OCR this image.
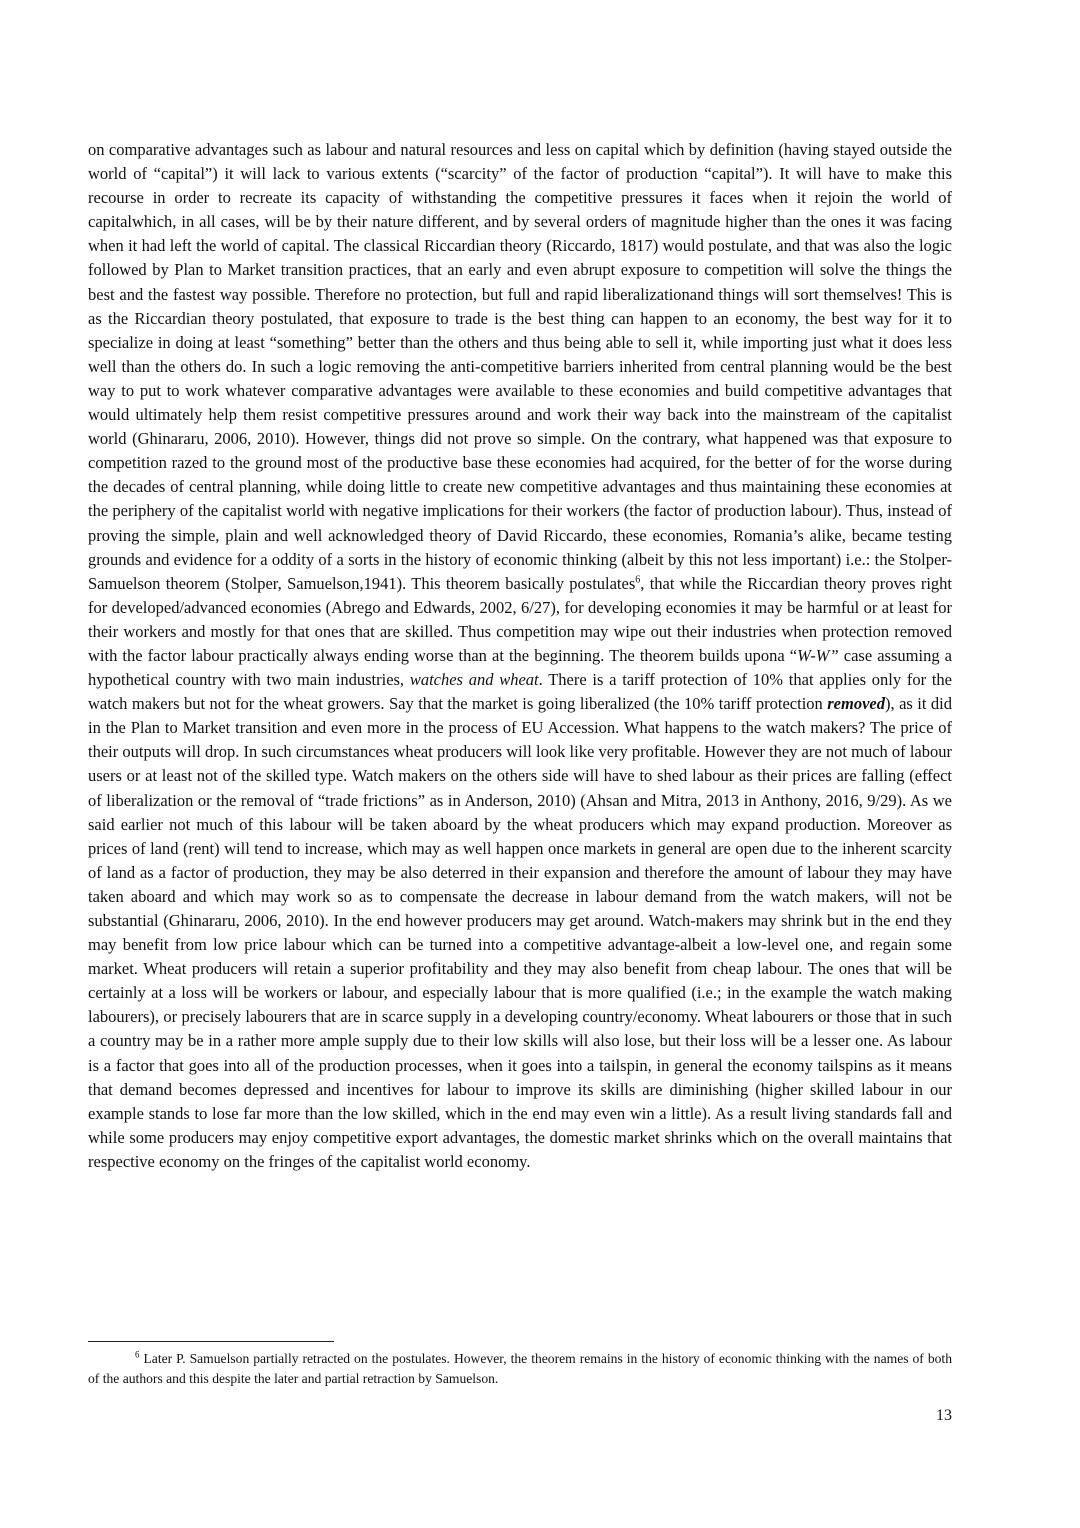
on comparative advantages such as labour and natural resources and less on capital which by definition (having stayed outside the world of “capital”) it will lack to various extents (“scarcity” of the factor of production “capital”). It will have to make this recourse in order to recreate its capacity of withstanding the competitive pressures it faces when it rejoin the world of capitalwhich, in all cases, will be by their nature different, and by several orders of magnitude higher than the ones it was facing when it had left the world of capital. The classical Riccardian theory (Riccardo, 1817) would postulate, and that was also the logic followed by Plan to Market transition practices, that an early and even abrupt exposure to competition will solve the things the best and the fastest way possible. Therefore no protection, but full and rapid liberalizationand things will sort themselves! This is as the Riccardian theory postulated, that exposure to trade is the best thing can happen to an economy, the best way for it to specialize in doing at least “something” better than the others and thus being able to sell it, while importing just what it does less well than the others do. In such a logic removing the anti-competitive barriers inherited from central planning would be the best way to put to work whatever comparative advantages were available to these economies and build competitive advantages that would ultimately help them resist competitive pressures around and work their way back into the mainstream of the capitalist world (Ghinararu, 2006, 2010). However, things did not prove so simple. On the contrary, what happened was that exposure to competition razed to the ground most of the productive base these economies had acquired, for the better of for the worse during the decades of central planning, while doing little to create new competitive advantages and thus maintaining these economies at the periphery of the capitalist world with negative implications for their workers (the factor of production labour). Thus, instead of proving the simple, plain and well acknowledged theory of David Riccardo, these economies, Romania’s alike, became testing grounds and evidence for a oddity of a sorts in the history of economic thinking (albeit by this not less important) i.e.: the Stolper-Samuelson theorem (Stolper, Samuelson,1941). This theorem basically postulates$^6$, that while the Riccardian theory proves right for developed/advanced economies (Abrego and Edwards, 2002, 6/27), for developing economies it may be harmful or at least for their workers and mostly for that ones that are skilled. Thus competition may wipe out their industries when protection removed with the factor labour practically always ending worse than at the beginning. The theorem builds upona “W-W” case assuming a hypothetical country with two main industries, watches and wheat. There is a tariff protection of 10% that applies only for the watch makers but not for the wheat growers. Say that the market is going liberalized (the 10% tariff protection removed), as it did in the Plan to Market transition and even more in the process of EU Accession. What happens to the watch makers? The price of their outputs will drop. In such circumstances wheat producers will look like very profitable. However they are not much of labour users or at least not of the skilled type. Watch makers on the others side will have to shed labour as their prices are falling (effect of liberalization or the removal of “trade frictions” as in Anderson, 2010) (Ahsan and Mitra, 2013 in Anthony, 2016, 9/29). As we said earlier not much of this labour will be taken aboard by the wheat producers which may expand production. Moreover as prices of land (rent) will tend to increase, which may as well happen once markets in general are open due to the inherent scarcity of land as a factor of production, they may be also deterred in their expansion and therefore the amount of labour they may have taken aboard and which may work so as to compensate the decrease in labour demand from the watch makers, will not be substantial (Ghinararu, 2006, 2010). In the end however producers may get around. Watch-makers may shrink but in the end they may benefit from low price labour which can be turned into a competitive advantage-albeit a low-level one, and regain some market. Wheat producers will retain a superior profitability and they may also benefit from cheap labour. The ones that will be certainly at a loss will be workers or labour, and especially labour that is more qualified (i.e.; in the example the watch making labourers), or precisely labourers that are in scarce supply in a developing country/economy. Wheat labourers or those that in such a country may be in a rather more ample supply due to their low skills will also lose, but their loss will be a lesser one. As labour is a factor that goes into all of the production processes, when it goes into a tailspin, in general the economy tailspins as it means that demand becomes depressed and incentives for labour to improve its skills are diminishing (higher skilled labour in our example stands to lose far more than the low skilled, which in the end may even win a little). As a result living standards fall and while some producers may enjoy competitive export advantages, the domestic market shrinks which on the overall maintains that respective economy on the fringes of the capitalist world economy.
$^6$ Later P. Samuelson partially retracted on the postulates. However, the theorem remains in the history of economic thinking with the names of both of the authors and this despite the later and partial retraction by Samuelson.
13
